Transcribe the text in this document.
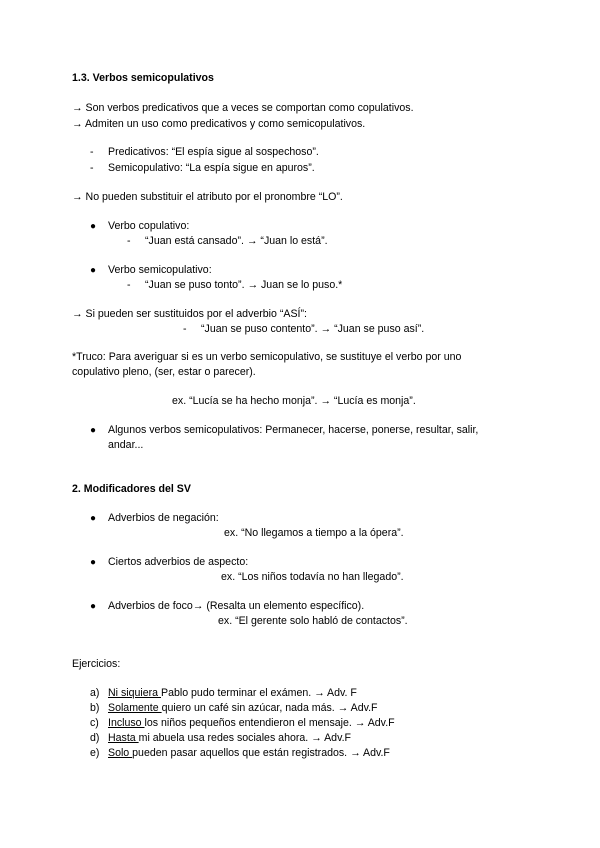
1.3. Verbos semicopulativos
→ Son verbos predicativos que a veces se comportan como copulativos.
→ Admiten un uso como predicativos y como semicopulativos.
- Predicativos: “El espía sigue al sospechoso”.
- Semicopulativo: “La espía sigue en apuros”.
→ No pueden substituir el atributo por el pronombre “LO”.
● Verbo copulativo:
- “Juan está cansado”. → “Juan lo está”.
● Verbo semicopulativo:
- “Juan se puso tonto”. → Juan se lo puso.*
→ Si pueden ser sustituidos por el adverbio “ASÍ”:
- “Juan se puso contento”. → “Juan se puso así”.
*Truco: Para averiguar si es un verbo semicopulativo, se sustituye el verbo por uno
copulativo pleno, (ser, estar o parecer).
ex. “Lucía se ha hecho monja”. → “Lucía es monja”.
● Algunos verbos semicopulativos: Permanecer, hacerse, ponerse, resultar, salir,
andar...
2. Modificadores del SV
● Adverbios de negación:
ex. “No llegamos a tiempo a la ópera”.
● Ciertos adverbios de aspecto:
ex. “Los niños todavía no han llegado”.
● Adverbios de foco→ (Resalta un elemento específico).
ex. “El gerente solo habló de contactos”.
Ejercicios:
a) Ni siquiera Pablo pudo terminar el exámen. → Adv. F
b) Solamente quiero un café sin azúcar, nada más. → Adv.F
c) Incluso los niños pequeños entendieron el mensaje. → Adv.F
d) Hasta mi abuela usa redes sociales ahora. → Adv.F
e) Solo pueden pasar aquellos que están registrados. → Adv.F
